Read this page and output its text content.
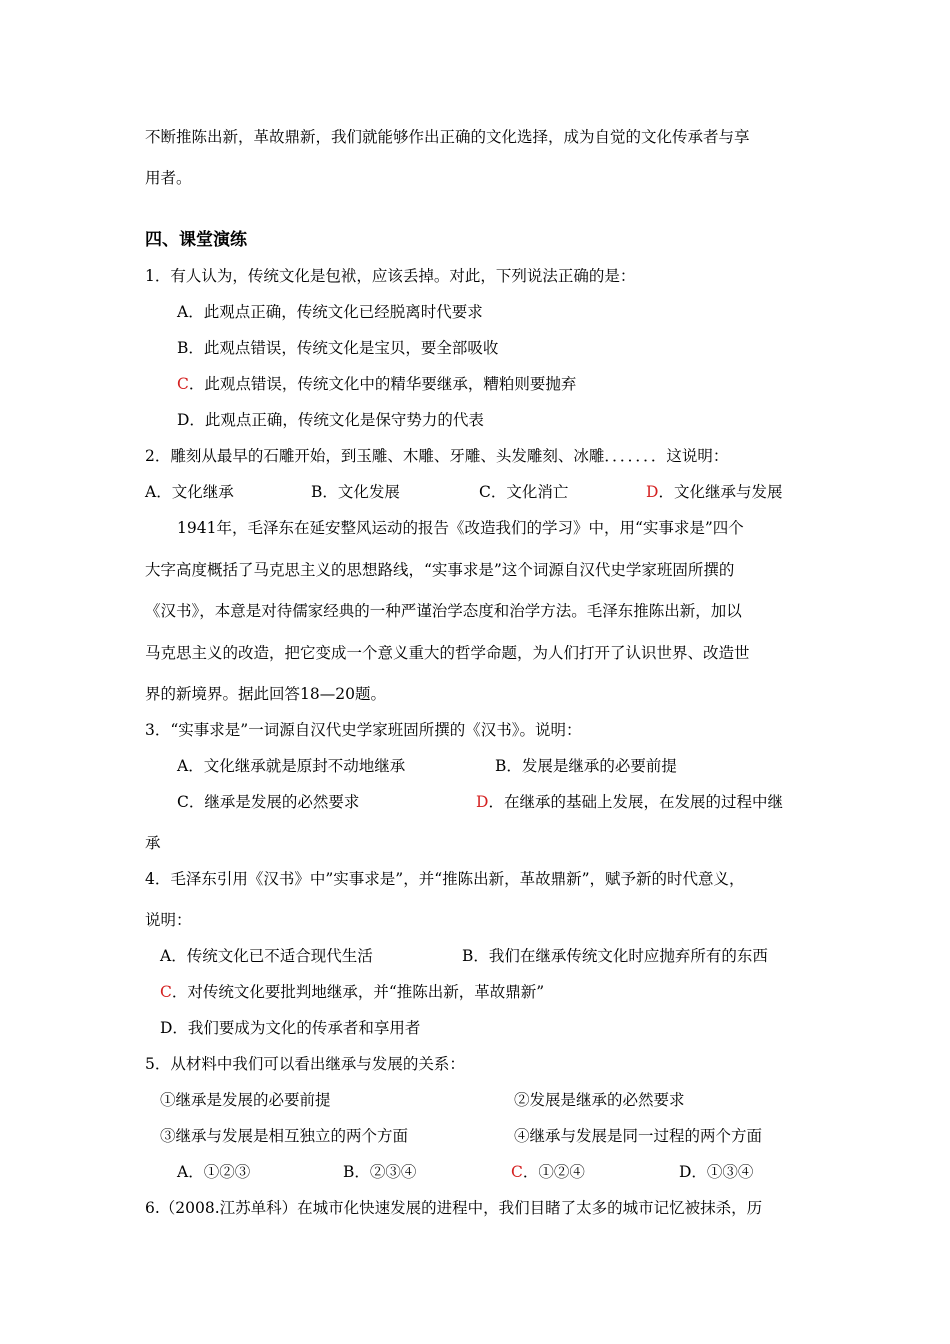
不断推陈出新，革故鼎新，我们就能够作出正确的文化选择，成为自觉的文化传承者与享
用者。
四、课堂演练
1．有人认为，传统文化是包袱，应该丢掉。对此，下列说法正确的是：
A．此观点正确，传统文化已经脱离时代要求
B．此观点错误，传统文化是宝贝，要全部吸收
C．此观点错误，传统文化中的精华要继承，糟粕则要抛弃
D．此观点正确，传统文化是保守势力的代表
2．雕刻从最早的石雕开始，到玉雕、木雕、牙雕、头发雕刻、冰雕．．．．．．．这说明：
A．文化继承	B．文化发展	C．文化消亡	D．文化继承与发展
1941年，毛泽东在延安整风运动的报告《改造我们的学习》中，用“实事求是”四个
大字高度概括了马克思主义的思想路线，“实事求是”这个词源自汉代史学家班固所撰的
《汉书》，本意是对待儒家经典的一种严谨治学态度和治学方法。毛泽东推陈出新，加以
马克思主义的改造，把它变成一个意义重大的哲学命题，为人们打开了认识世界、改造世
界的新境界。据此回答18—20题。
3．“实事求是”一词源自汉代史学家班固所撰的《汉书》。说明：
A．文化继承就是原封不动地继承	B．发展是继承的必要前提
C．继承是发展的必然要求	D．在继承的基础上发展，在发展的过程中继
承
4．毛泽东引用《汉书》中”实事求是”，并“推陈出新，革故鼎新”，赋予新的时代意义，
说明：
A．传统文化已不适合现代生活	B．我们在继承传统文化时应抛弃所有的东西
C．对传统文化要批判地继承，并“推陈出新，革故鼎新”
D．我们要成为文化的传承者和享用者
5．从材料中我们可以看出继承与发展的关系：
①继承是发展的必要前提	②发展是继承的必然要求
③继承与发展是相互独立的两个方面	④继承与发展是同一过程的两个方面
A．①②③	B．②③④	C．①②④	D．①③④
6.（2008.江苏单科）在城市化快速发展的进程中，我们目睹了太多的城市记忆被抹杀，历
